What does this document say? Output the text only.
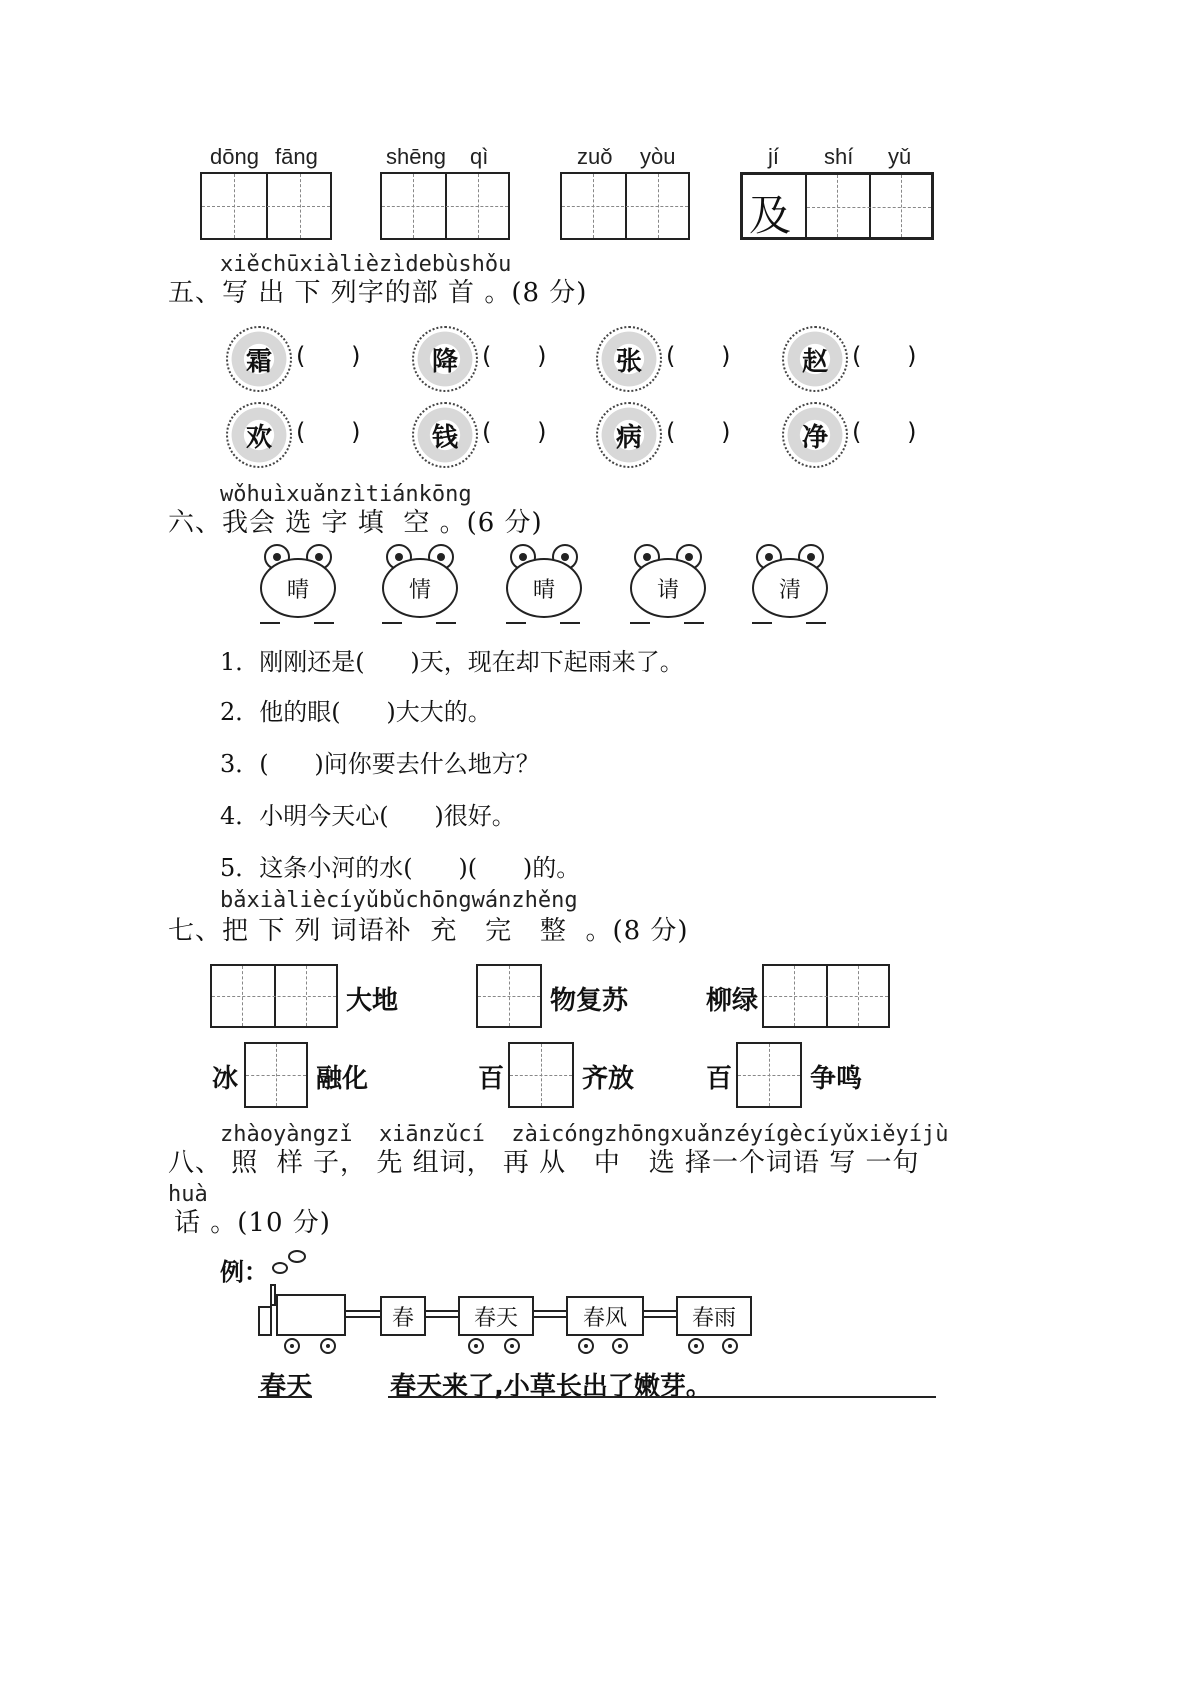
dōng fāng	shēng qì	zuǒ yòu	jí shí yǔ
及
xiěchūxiàlièzìdebùshǒu
五、写 出 下 列字的部 首 。(8 分)
霜	(      )	降	(      )	张	(      )	赵	(      )
欢	(      )	钱	(      )	病	(      )	净	(      )
wǒhuìxuǎnzìtiánkōng
六、我会 选 字 填  空 。(6 分)
晴	情	晴	请	清
1．刚刚还是(      )天，现在却下起雨来了。
2．他的眼(      )大大的。
3．(      )问你要去什么地方？
4．小明今天心(      )很好。
5．这条小河的水(      )(      )的。
bǎxiàliècíyǔbǔchōngwánzhěng
七、把 下 列 词语补  充   完   整  。(8 分)
大地	物复苏	柳绿
冰	融化	百	齐放	百	争鸣
zhàoyàngzǐ  xiānzǔcí  zàicóngzhōngxuǎnzéyígècíyǔxiěyíjù
八、 照  样 子， 先 组词， 再 从   中   选 择一个词语 写 一句
huà
话 。(10 分)
例：
春	春天	春风	春雨
春天	春天来了,小草长出了嫩芽。
